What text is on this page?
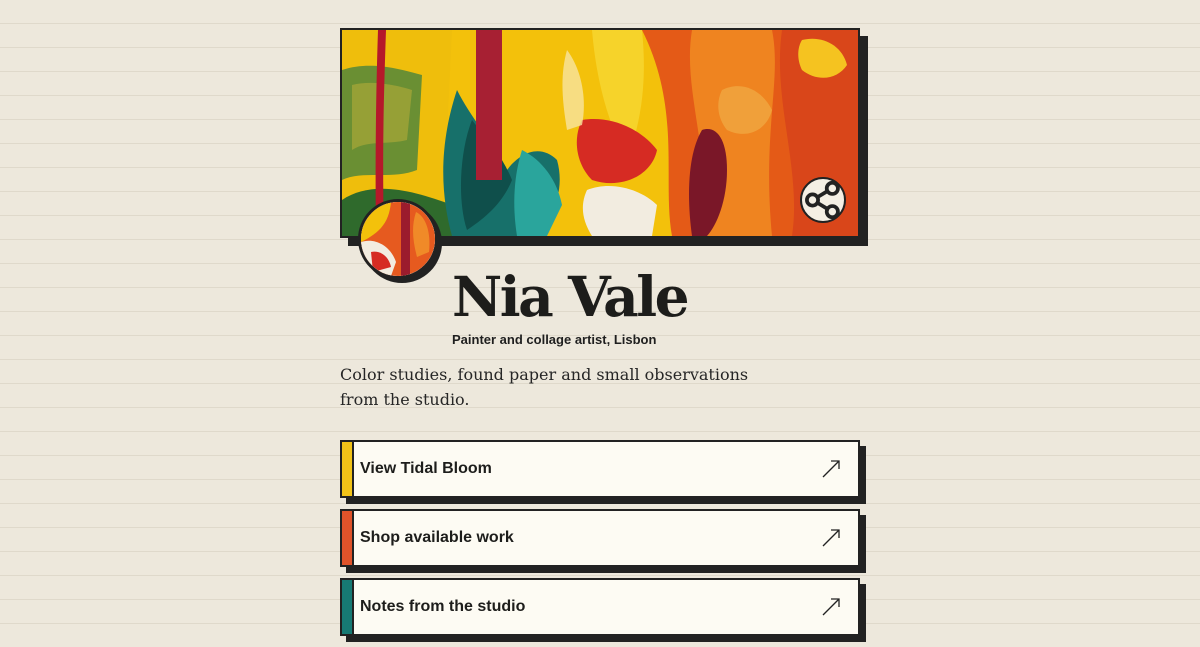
Nia Vale
Painter and collage artist, Lisbon

Color studies, found paper and small observations from the studio.

View Tidal Bloom
Shop available work
Notes from the studio
